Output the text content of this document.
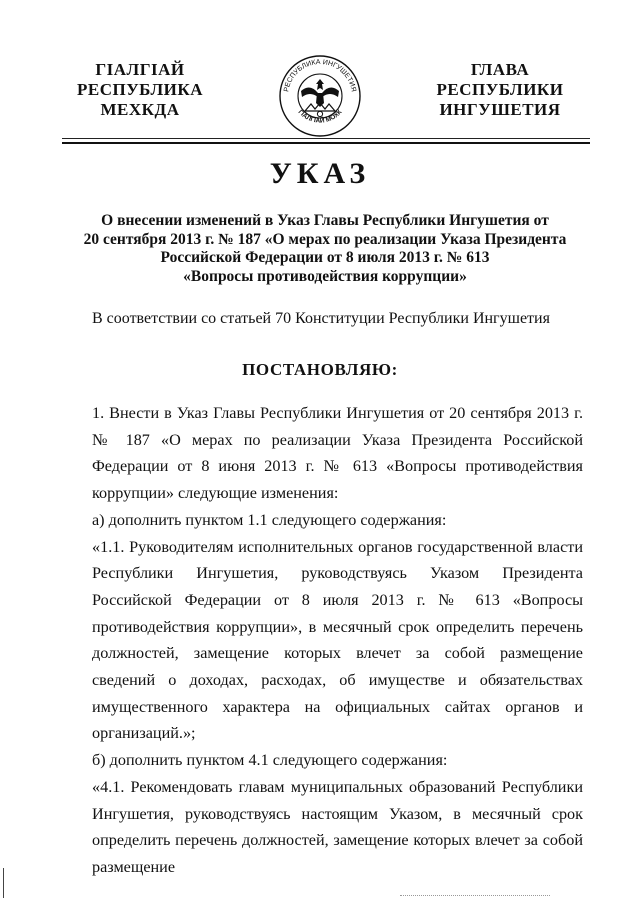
ГIАЛГIАЙ
РЕСПУБЛИКА
МЕХКДА
РЕСПУБЛИКА ИНГУШЕТИЯ
ГIАЛГIАЙ МОХК
ГЛАВА
РЕСПУБЛИКИ
ИНГУШЕТИЯ
УКАЗ
О внесении изменений в Указ Главы Республики Ингушетия от
20 сентября 2013 г. № 187 «О мерах по реализации Указа Президента
Российской Федерации от 8 июля 2013 г. № 613
«Вопросы противодействия коррупции»
В соответствии со статьей 70 Конституции Республики Ингушетия
ПОСТАНОВЛЯЮ:

1. Внести в Указ Главы Республики Ингушетия от 20 сентября 2013 г. № 187 «О мерах по реализации Указа Президента Российской Федерации от 8 июня 2013 г. № 613 «Вопросы противодействия коррупции» следующие изменения:

а) дополнить пунктом 1.1 следующего содержания:

«1.1. Руководителям исполнительных органов государственной власти Республики Ингушетия, руководствуясь Указом Президента Российской Федерации от 8 июля 2013 г. № 613 «Вопросы противодействия коррупции», в месячный срок определить перечень должностей, замещение которых влечет за собой размещение сведений о доходах, расходах, об имуществе и обязательствах имущественного характера на официальных сайтах органов и организаций.»;

б) дополнить пунктом 4.1 следующего содержания:

«4.1. Рекомендовать главам муниципальных образований Республики Ингушетия, руководствуясь настоящим Указом, в месячный срок определить перечень должностей, замещение которых влечет за собой размещение
